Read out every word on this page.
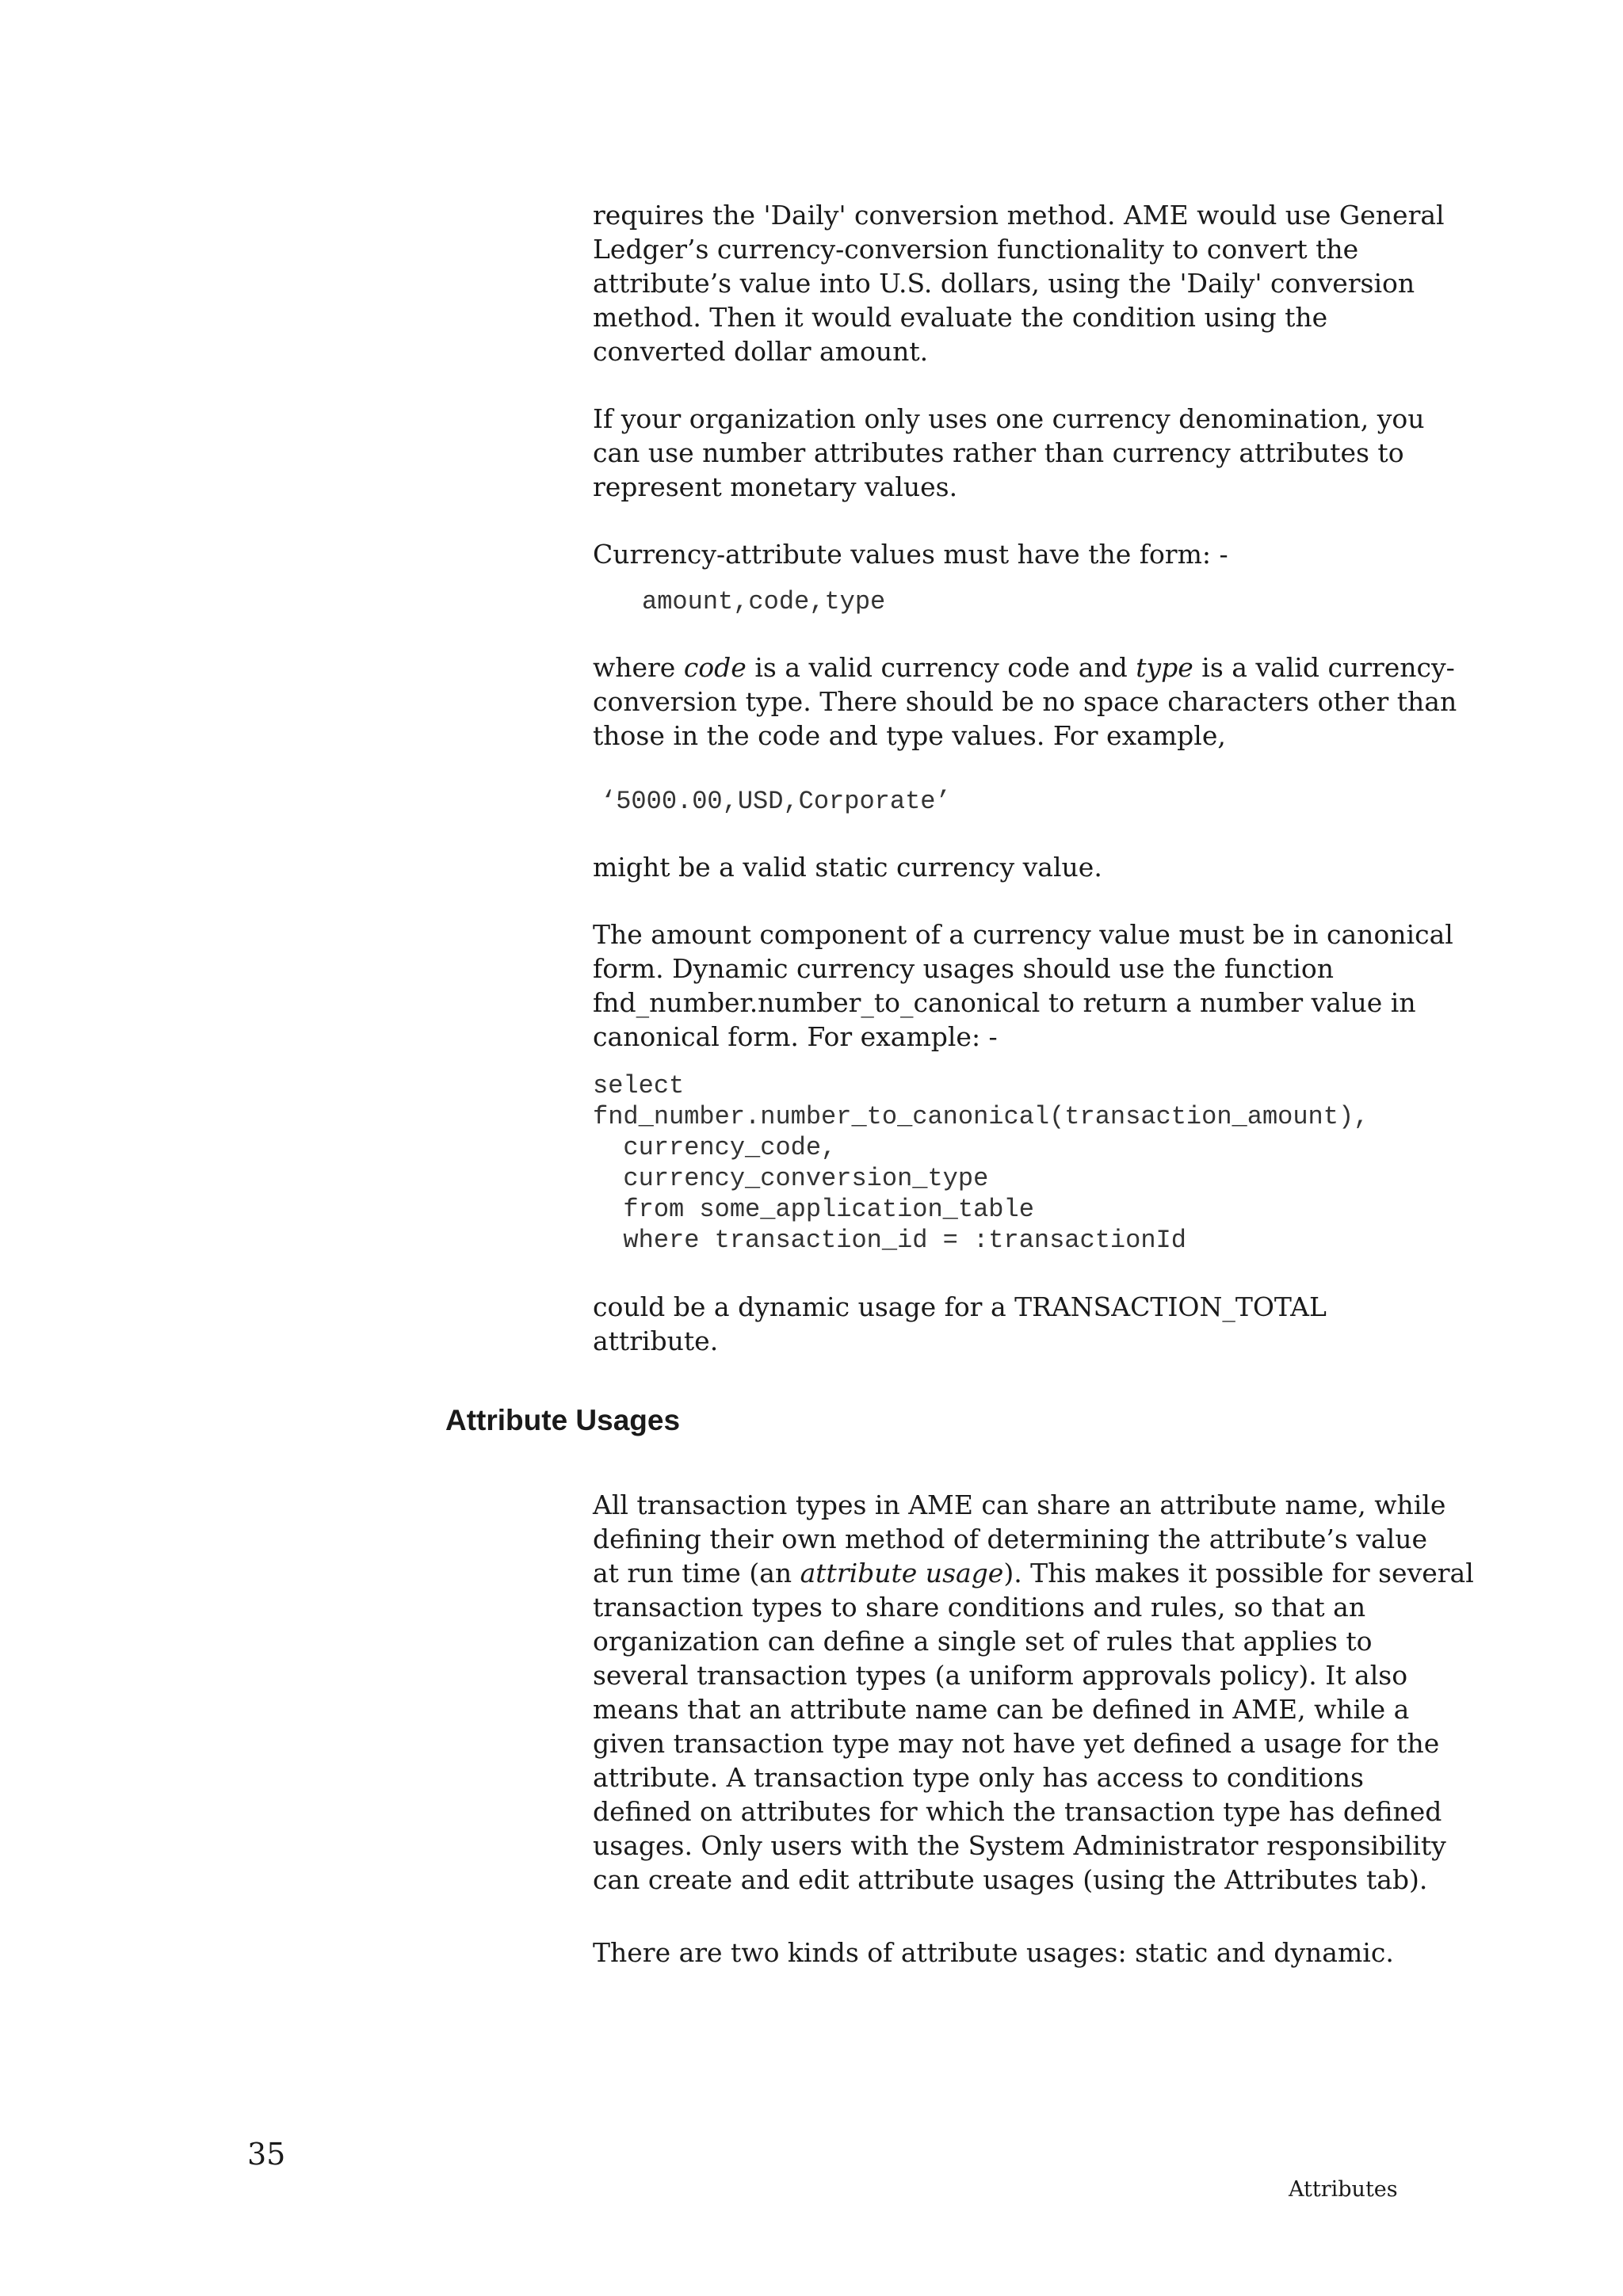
requires the 'Daily' conversion method. AME would use General
Ledger’s currency-conversion functionality to convert the
attribute’s value into U.S. dollars, using the 'Daily' conversion
method. Then it would evaluate the condition using the
converted dollar amount.
If your organization only uses one currency denomination, you
can use number attributes rather than currency attributes to
represent monetary values.
Currency-attribute values must have the form: -
amount,code,type
where code is a valid currency code and type is a valid currency-
conversion type. There should be no space characters other than
those in the code and type values. For example,
‘5000.00,USD,Corporate’
might be a valid static currency value.
The amount component of a currency value must be in canonical
form. Dynamic currency usages should use the function
fnd_number.number_to_canonical to return a number value in
canonical form. For example: -
select
fnd_number.number_to_canonical(transaction_amount),
currency_code,
currency_conversion_type
from some_application_table
where transaction_id = :transactionId
could be a dynamic usage for a TRANSACTION_TOTAL
attribute.
Attribute Usages
All transaction types in AME can share an attribute name, while
defining their own method of determining the attribute’s value
at run time (an attribute usage). This makes it possible for several
transaction types to share conditions and rules, so that an
organization can define a single set of rules that applies to
several transaction types (a uniform approvals policy). It also
means that an attribute name can be defined in AME, while a
given transaction type may not have yet defined a usage for the
attribute. A transaction type only has access to conditions
defined on attributes for which the transaction type has defined
usages. Only users with the System Administrator responsibility
can create and edit attribute usages (using the Attributes tab).
There are two kinds of attribute usages: static and dynamic.
35
Attributes
